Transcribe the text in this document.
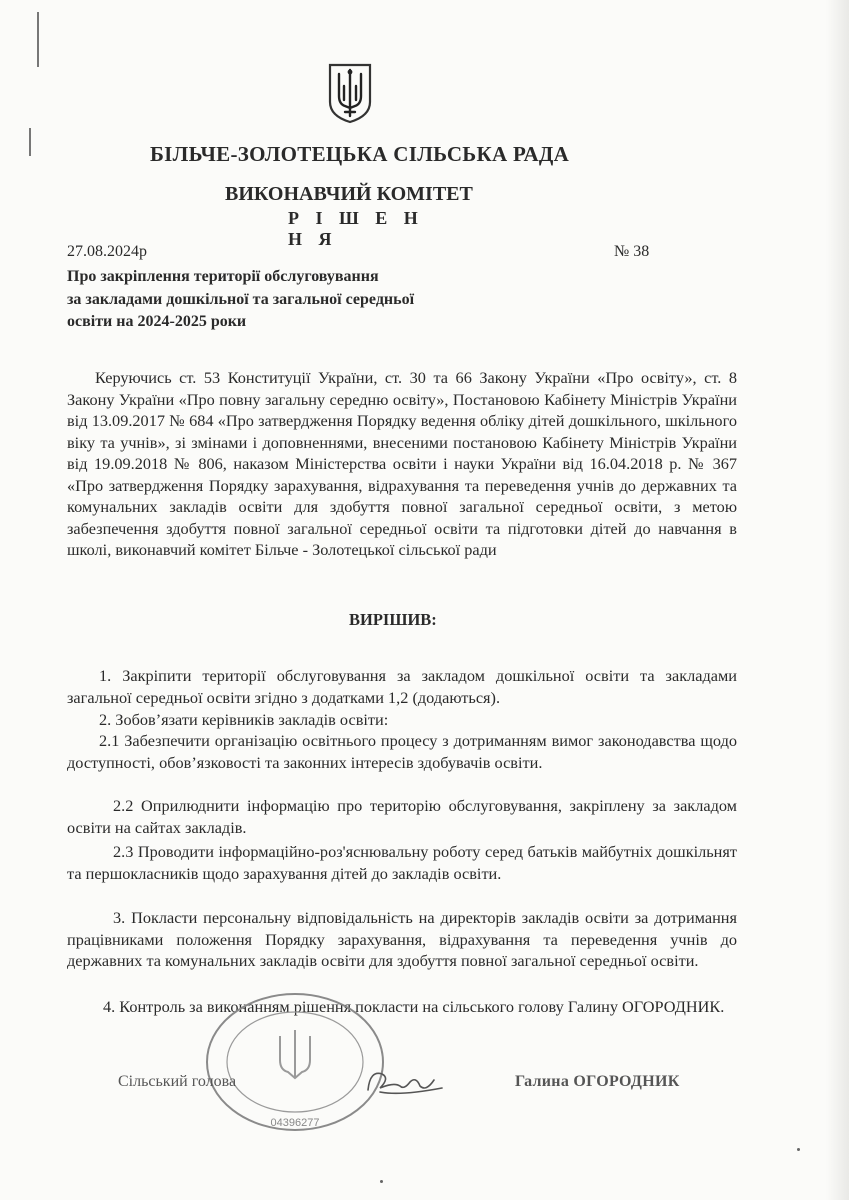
БІЛЬЧЕ-ЗОЛОТЕЦЬКА СІЛЬСЬКА РАДА
ВИКОНАВЧИЙ КОМІТЕТ
Р І Ш Е Н Н Я
27.08.2024р	№ 38
Про закріплення території обслуговування
за закладами дошкільної та загальної середньої
освіти на 2024-2025 роки
Керуючись ст. 53 Конституції України, ст. 30 та 66 Закону України «Про освіту», ст. 8 Закону України «Про повну загальну середню освіту», Постановою Кабінету Міністрів України від 13.09.2017 № 684 «Про затвердження Порядку ведення обліку дітей дошкільного, шкільного віку та учнів», зі змінами і доповненнями, внесеними постановою Кабінету Міністрів України від 19.09.2018 № 806, наказом Міністерства освіти і науки України від 16.04.2018 р. № 367 «Про затвердження Порядку зарахування, відрахування та переведення учнів до державних та комунальних закладів освіти для здобуття повної загальної середньої освіти, з метою забезпечення здобуття повної загальної середньої освіти та підготовки дітей до навчання в школі, виконавчий комітет Більче - Золотецької сільської ради
ВИРІШИВ:
1. Закріпити території обслуговування за закладом дошкільної освіти та закладами загальної середньої освіти згідно з додатками 1,2 (додаються).
2. Зобов’язати керівників закладів освіти:
2.1 Забезпечити організацію освітнього процесу з дотриманням вимог законодавства щодо доступності, обов’язковості та законних інтересів здобувачів освіти.
2.2 Оприлюднити інформацію про територію обслуговування, закріплену за закладом освіти на сайтах закладів.
2.3 Проводити інформаційно-роз'яснювальну роботу серед батьків майбутніх дошкільнят та першокласників щодо зарахування дітей до закладів освіти.
3. Покласти персональну відповідальність на директорів закладів освіти за дотримання працівниками положення Порядку зарахування, відрахування та переведення учнів до державних та комунальних закладів освіти для здобуття повної загальної середньої освіти.
4. Контроль за виконанням рішення покласти на сільського голову Галину ОГОРОДНИК.
04396277
Сільський голова	Галина ОГОРОДНИК
